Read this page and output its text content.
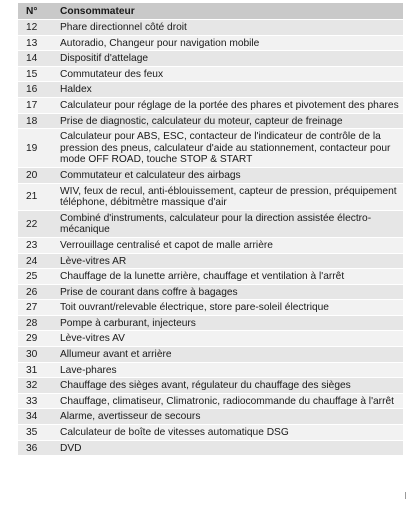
N°	Consommateur
12	Phare directionnel côté droit
13	Autoradio, Changeur pour navigation mobile
14	Dispositif d'attelage
15	Commutateur des feux
16	Haldex
17	Calculateur pour réglage de la portée des phares et pivotement des phares
18	Prise de diagnostic, calculateur du moteur, capteur de freinage
19	Calculateur pour ABS, ESC, contacteur de l'indicateur de contrôle de la pression des pneus, calculateur d'aide au stationnement, contacteur pour mode OFF ROAD, touche STOP & START
20	Commutateur et calculateur des airbags
21	WIV, feux de recul, anti-éblouissement, capteur de pression, préquipement téléphone, débitmètre massique d'air
22	Combiné d'instruments, calculateur pour la direction assistée électro-mécanique
23	Verrouillage centralisé et capot de malle arrière
24	Lève-vitres AR
25	Chauffage de la lunette arrière, chauffage et ventilation à l'arrêt
26	Prise de courant dans coffre à bagages
27	Toit ouvrant/relevable électrique, store pare-soleil électrique
28	Pompe à carburant, injecteurs
29	Lève-vitres AV
30	Allumeur avant et arrière
31	Lave-phares
32	Chauffage des sièges avant, régulateur du chauffage des sièges
33	Chauffage, climatiseur, Climatronic, radiocommande du chauffage à l'arrêt
34	Alarme, avertisseur de secours
35	Calculateur de boîte de vitesses automatique DSG
36	DVD
